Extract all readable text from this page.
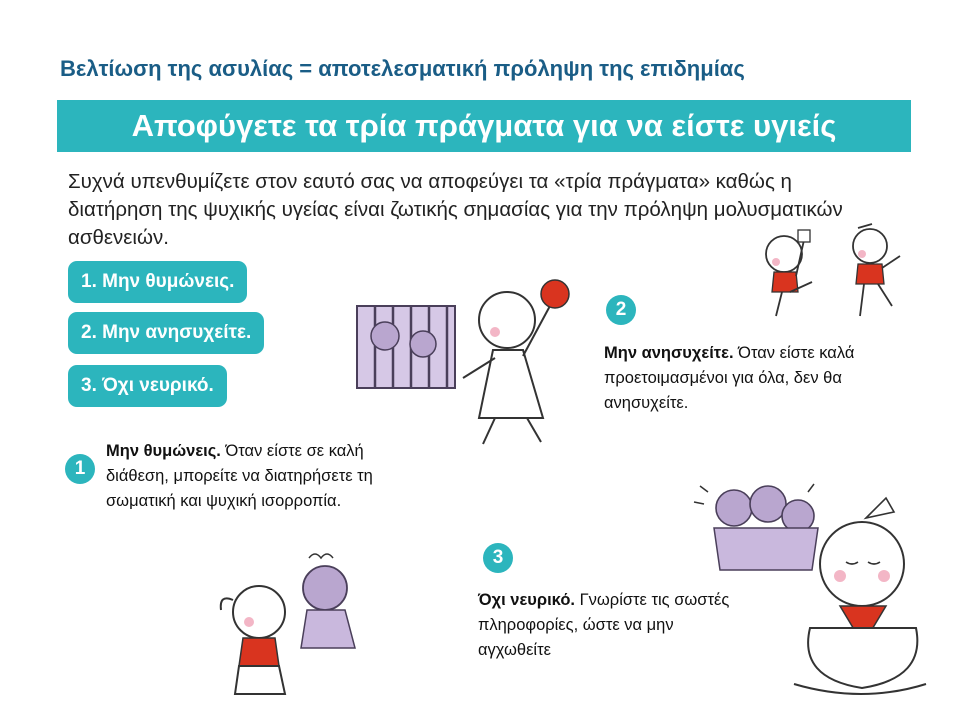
Βελτίωση της ασυλίας = αποτελεσματική πρόληψη της επιδημίας
Αποφύγετε τα τρία πράγματα για να είστε υγιείς
Συχνά υπενθυμίζετε στον εαυτό σας να αποφεύγει τα «τρία πράγματα» καθώς η διατήρηση της ψυχικής υγείας είναι ζωτικής σημασίας για την πρόληψη μολυσματικών ασθενειών.
1. Μην θυμώνεις.
2. Μην ανησυχείτε.
3. Όχι νευρικό.
1
Μην θυμώνεις. Όταν είστε σε καλή διάθεση, μπορείτε να διατηρήσετε τη σωματική και ψυχική ισορροπία.
2
Μην ανησυχείτε. Όταν είστε καλά προετοιμασμένοι για όλα, δεν θα ανησυχείτε.
3
Όχι νευρικό. Γνωρίστε τις σωστές πληροφορίες, ώστε να μην αγχωθείτε
